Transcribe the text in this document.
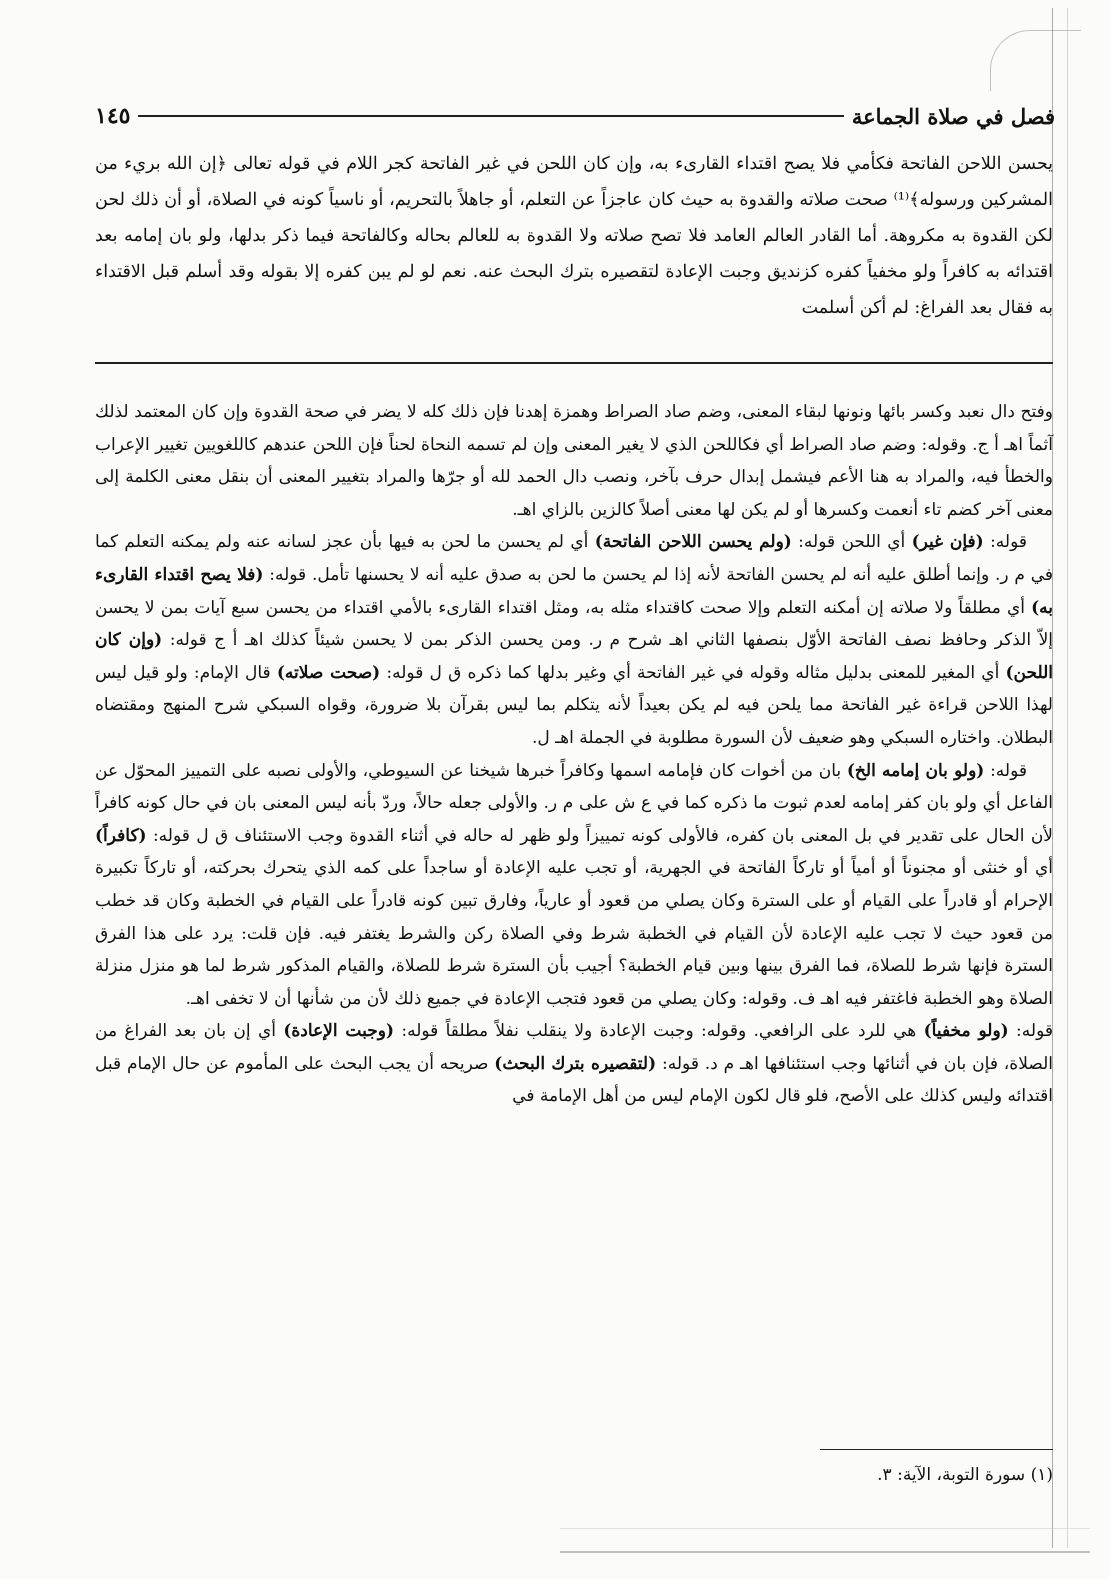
فصل في صلاة الجماعة
١٤٥
يحسن اللاحن الفاتحة فكأمي فلا يصح اقتداء القارىء به، وإن كان اللحن في غير الفاتحة كجر اللام في قوله تعالى ﴿إن الله بريء من المشركين ورسوله﴾⁽¹⁾ صحت صلاته والقدوة به حيث كان عاجزاً عن التعلم، أو جاهلاً بالتحريم، أو ناسياً كونه في الصلاة، أو أن ذلك لحن لكن القدوة به مكروهة. أما القادر العالم العامد فلا تصح صلاته ولا القدوة به للعالم بحاله وكالفاتحة فيما ذكر بدلها، ولو بان إمامه بعد اقتدائه به كافراً ولو مخفياً كفره كزنديق وجبت الإعادة لتقصيره بترك البحث عنه. نعم لو لم يبن كفره إلا بقوله وقد أسلم قبل الاقتداء به فقال بعد الفراغ: لم أكن أسلمت

وفتح دال نعبد وكسر بائها ونونها لبقاء المعنى، وضم صاد الصراط وهمزة إهدنا فإن ذلك كله لا يضر في صحة القدوة وإن كان المعتمد لذلك آثماً اهـ أ ج. وقوله: وضم صاد الصراط أي فكاللحن الذي لا يغير المعنى وإن لم تسمه النحاة لحناً فإن اللحن عندهم كاللغويين تغيير الإعراب والخطأ فيه، والمراد به هنا الأعم فيشمل إبدال حرف بآخر، ونصب دال الحمد لله أو جرّها والمراد بتغيير المعنى أن بنقل معنى الكلمة إلى معنى آخر كضم تاء أنعمت وكسرها أو لم يكن لها معنى أصلاً كالزين بالزاي اهـ.

قوله: (فإن غير) أي اللحن قوله: (ولم يحسن اللاحن الفاتحة) أي لم يحسن ما لحن به فيها بأن عجز لسانه عنه ولم يمكنه التعلم كما في م ر. وإنما أطلق عليه أنه لم يحسن الفاتحة لأنه إذا لم يحسن ما لحن به صدق عليه أنه لا يحسنها تأمل. قوله: (فلا يصح اقتداء القارىء به) أي مطلقاً ولا صلاته إن أمكنه التعلم وإلا صحت كاقتداء مثله به، ومثل اقتداء القارىء بالأمي اقتداء من يحسن سبع آيات بمن لا يحسن إلاّ الذكر وحافظ نصف الفاتحة الأوّل بنصفها الثاني اهـ شرح م ر. ومن يحسن الذكر بمن لا يحسن شيئاً كذلك اهـ أ ج قوله: (وإن كان اللحن) أي المغير للمعنى بدليل مثاله وقوله في غير الفاتحة أي وغير بدلها كما ذكره ق ل قوله: (صحت صلاته) قال الإمام: ولو قيل ليس لهذا اللاحن قراءة غير الفاتحة مما يلحن فيه لم يكن بعيداً لأنه يتكلم بما ليس بقرآن بلا ضرورة، وقواه السبكي شرح المنهج ومقتضاه البطلان. واختاره السبكي وهو ضعيف لأن السورة مطلوبة في الجملة اهـ ل.

قوله: (ولو بان إمامه الخ) بان من أخوات كان فإمامه اسمها وكافراً خبرها شيخنا عن السيوطي، والأولى نصبه على التمييز المحوّل عن الفاعل أي ولو بان كفر إمامه لعدم ثبوت ما ذكره كما في ع ش على م ر. والأولى جعله حالاً، وردّ بأنه ليس المعنى بان في حال كونه كافراً لأن الحال على تقدير في بل المعنى بان كفره، فالأولى كونه تمييزاً ولو ظهر له حاله في أثناء القدوة وجب الاستئناف ق ل قوله: (كافراً) أي أو خنثى أو مجنوناً أو أمياً أو تاركاً الفاتحة في الجهرية، أو تجب عليه الإعادة أو ساجداً على كمه الذي يتحرك بحركته، أو تاركاً تكبيرة الإحرام أو قادراً على القيام أو على السترة وكان يصلي من قعود أو عارياً، وفارق تبين كونه قادراً على القيام في الخطبة وكان قد خطب من قعود حيث لا تجب عليه الإعادة لأن القيام في الخطبة شرط وفي الصلاة ركن والشرط يغتفر فيه. فإن قلت: يرد على هذا الفرق السترة فإنها شرط للصلاة، فما الفرق بينها وبين قيام الخطبة؟ أجيب بأن السترة شرط للصلاة، والقيام المذكور شرط لما هو منزل منزلة الصلاة وهو الخطبة فاغتفر فيه اهـ ف. وقوله: وكان يصلي من قعود فتجب الإعادة في جميع ذلك لأن من شأنها أن لا تخفى اهـ.

قوله: (ولو مخفياً) هي للرد على الرافعي. وقوله: وجبت الإعادة ولا ينقلب نفلاً مطلقاً قوله: (وجبت الإعادة) أي إن بان بعد الفراغ من الصلاة، فإن بان في أثنائها وجب استئنافها اهـ م د. قوله: (لتقصيره بترك البحث) صريحه أن يجب البحث على المأموم عن حال الإمام قبل اقتدائه وليس كذلك على الأصح، فلو قال لكون الإمام ليس من أهل الإمامة في

(١) سورة التوبة، الآية: ٣.
